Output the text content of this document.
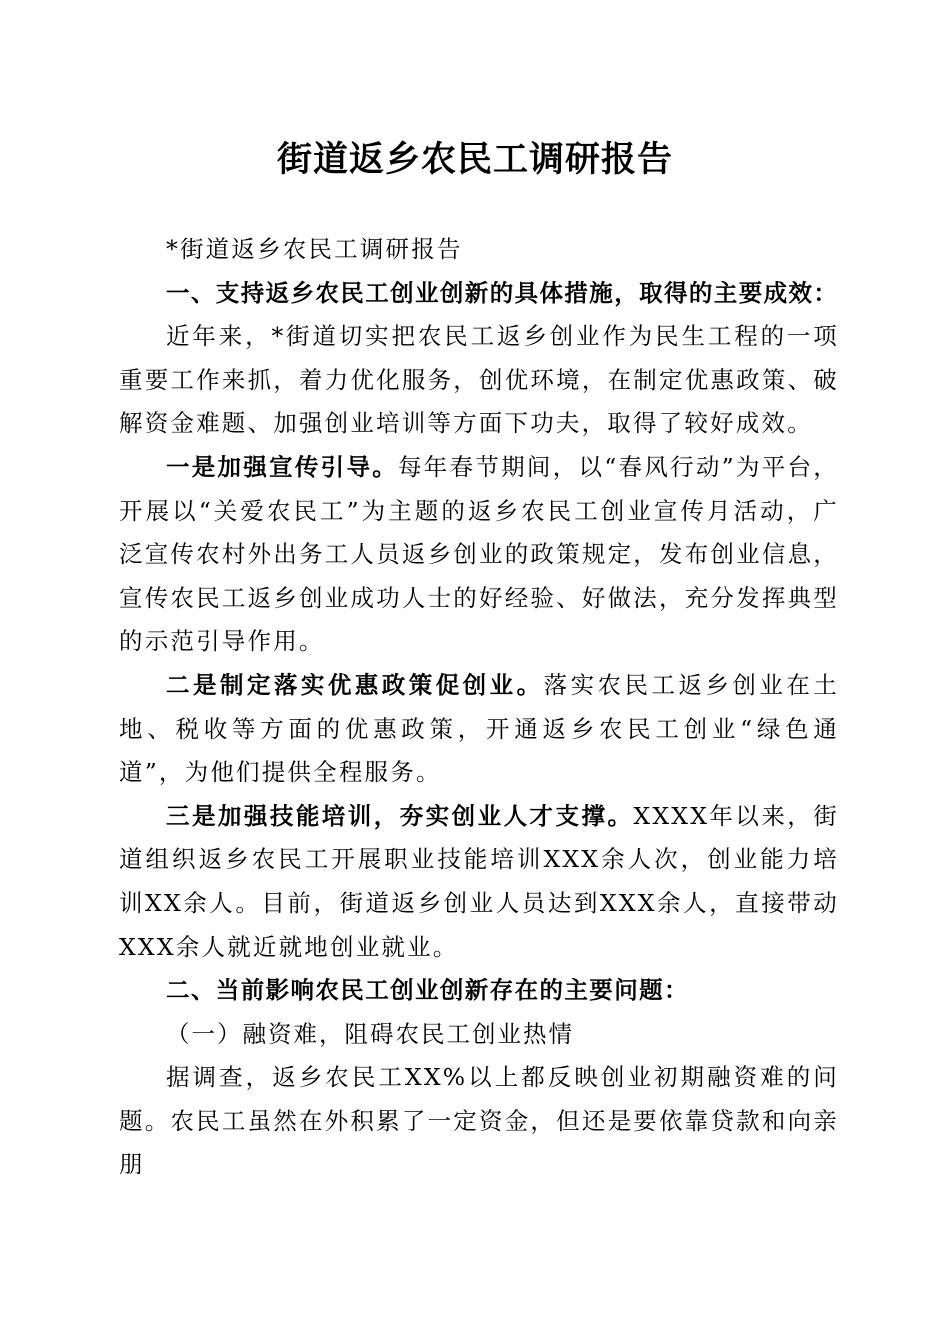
街道返乡农民工调研报告

*街道返乡农民工调研报告

一、支持返乡农民工创业创新的具体措施，取得的主要成效：

近年来，*街道切实把农民工返乡创业作为民生工程的一项重要工作来抓，着力优化服务，创优环境，在制定优惠政策、破解资金难题、加强创业培训等方面下功夫，取得了较好成效。

一是加强宣传引导。每年春节期间，以“春风行动”为平台，开展以“关爱农民工”为主题的返乡农民工创业宣传月活动，广泛宣传农村外出务工人员返乡创业的政策规定，发布创业信息，宣传农民工返乡创业成功人士的好经验、好做法，充分发挥典型的示范引导作用。

二是制定落实优惠政策促创业。落实农民工返乡创业在土地、税收等方面的优惠政策，开通返乡农民工创业“绿色通道”，为他们提供全程服务。

三是加强技能培训，夯实创业人才支撑。XXXX年以来，街道组织返乡农民工开展职业技能培训XXX余人次，创业能力培训XX余人。目前，街道返乡创业人员达到XXX余人，直接带动XXX余人就近就地创业就业。

二、当前影响农民工创业创新存在的主要问题：

（一）融资难，阻碍农民工创业热情

据调查，返乡农民工XX%以上都反映创业初期融资难的问题。农民工虽然在外积累了一定资金，但还是要依靠贷款和向亲朋
